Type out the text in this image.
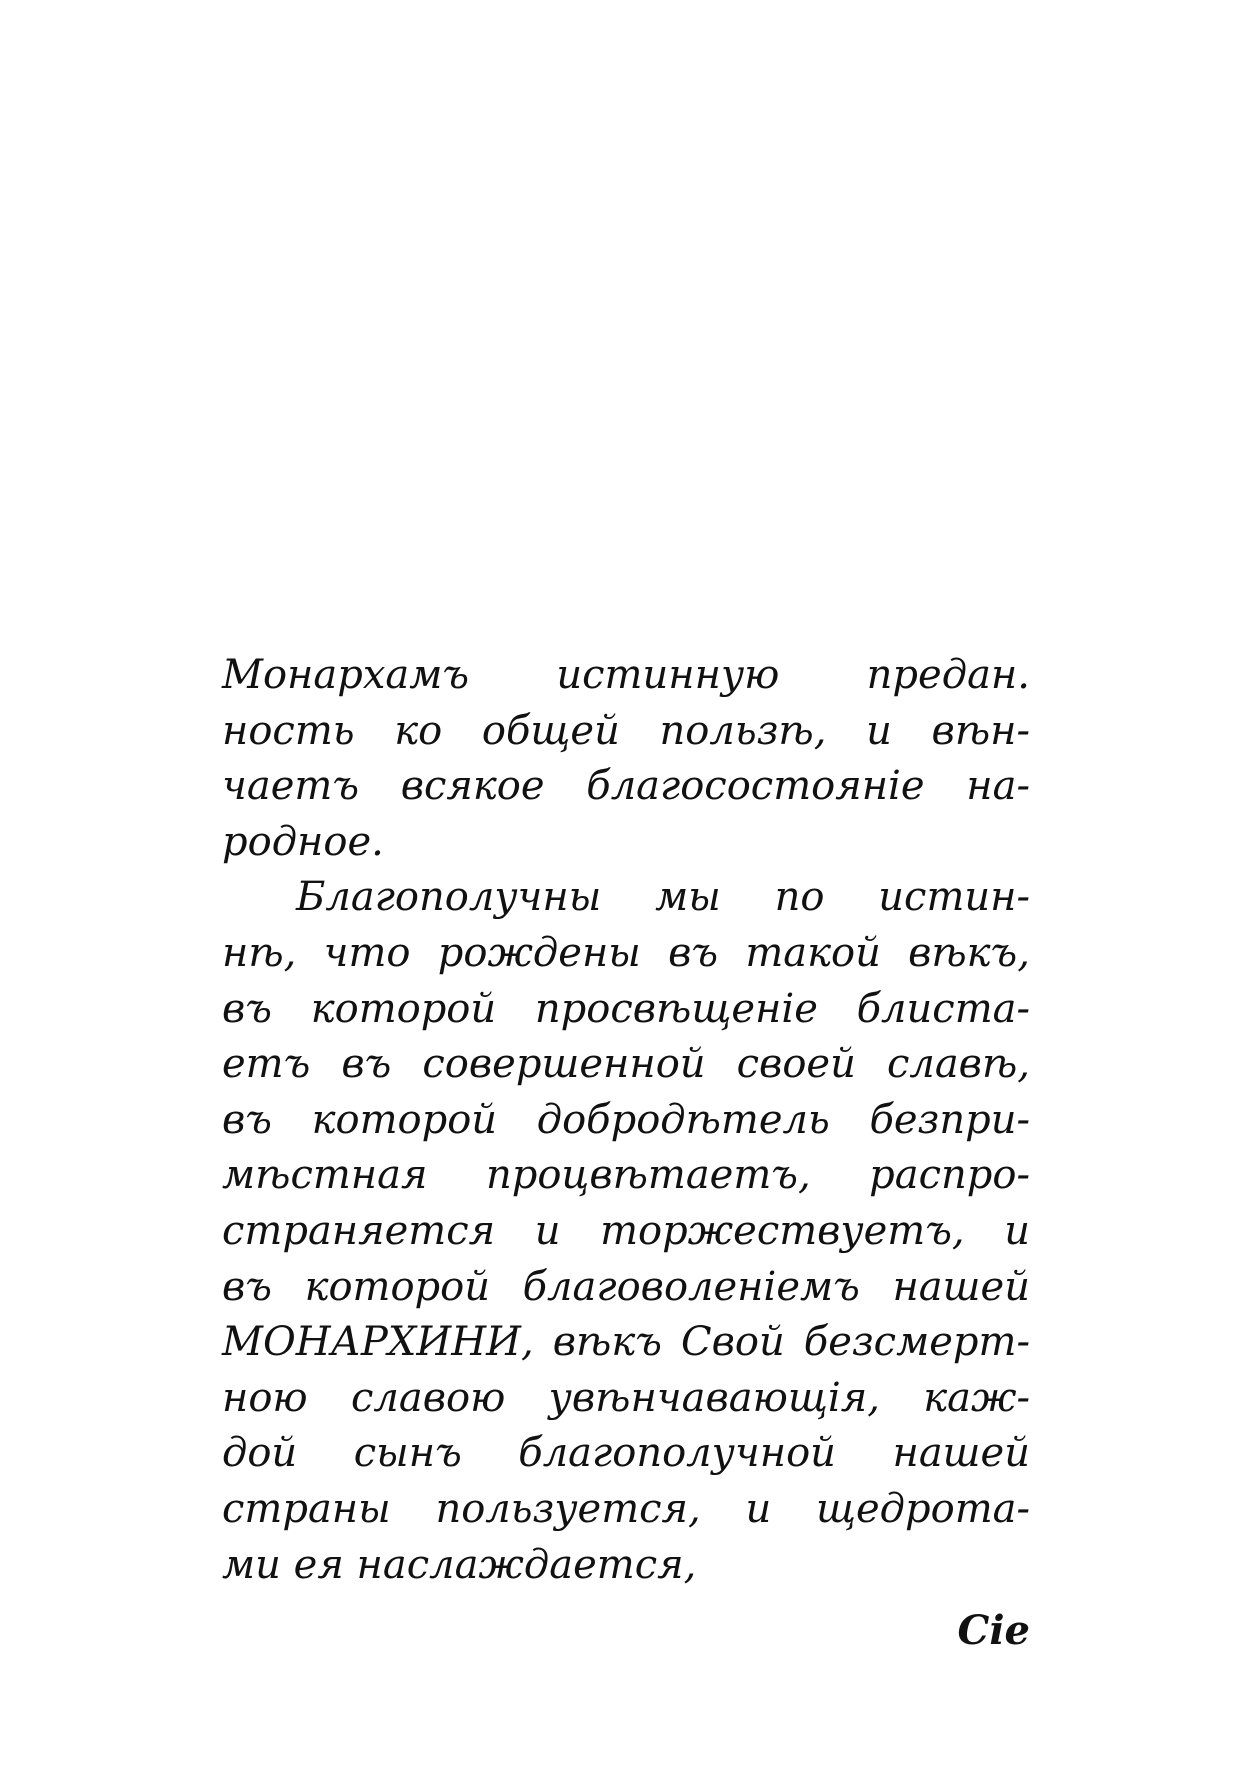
Монархамъ истинную предан.
ность ко общей пользѣ, и вѣн-
чаетъ всякое благосостоянiе на-
родное.
Благополучны мы по истин-
нѣ, что рождены въ такой вѣкъ,
въ которой просвѣщенiе блиста-
етъ въ совершенной своей славѣ,
въ которой добродѣтель безпри-
мѣстная процвѣтаетъ, распро-
страняется и торжествуетъ, и
въ которой благоволенiемъ нашей
МОНАРХИНИ, вѣкъ Свой безсмерт-
ною славою увѣнчавающiя, каж-
дой сынъ благополучной нашей
страны пользуется, и щедрота-
ми ея наслаждается,
Cie
